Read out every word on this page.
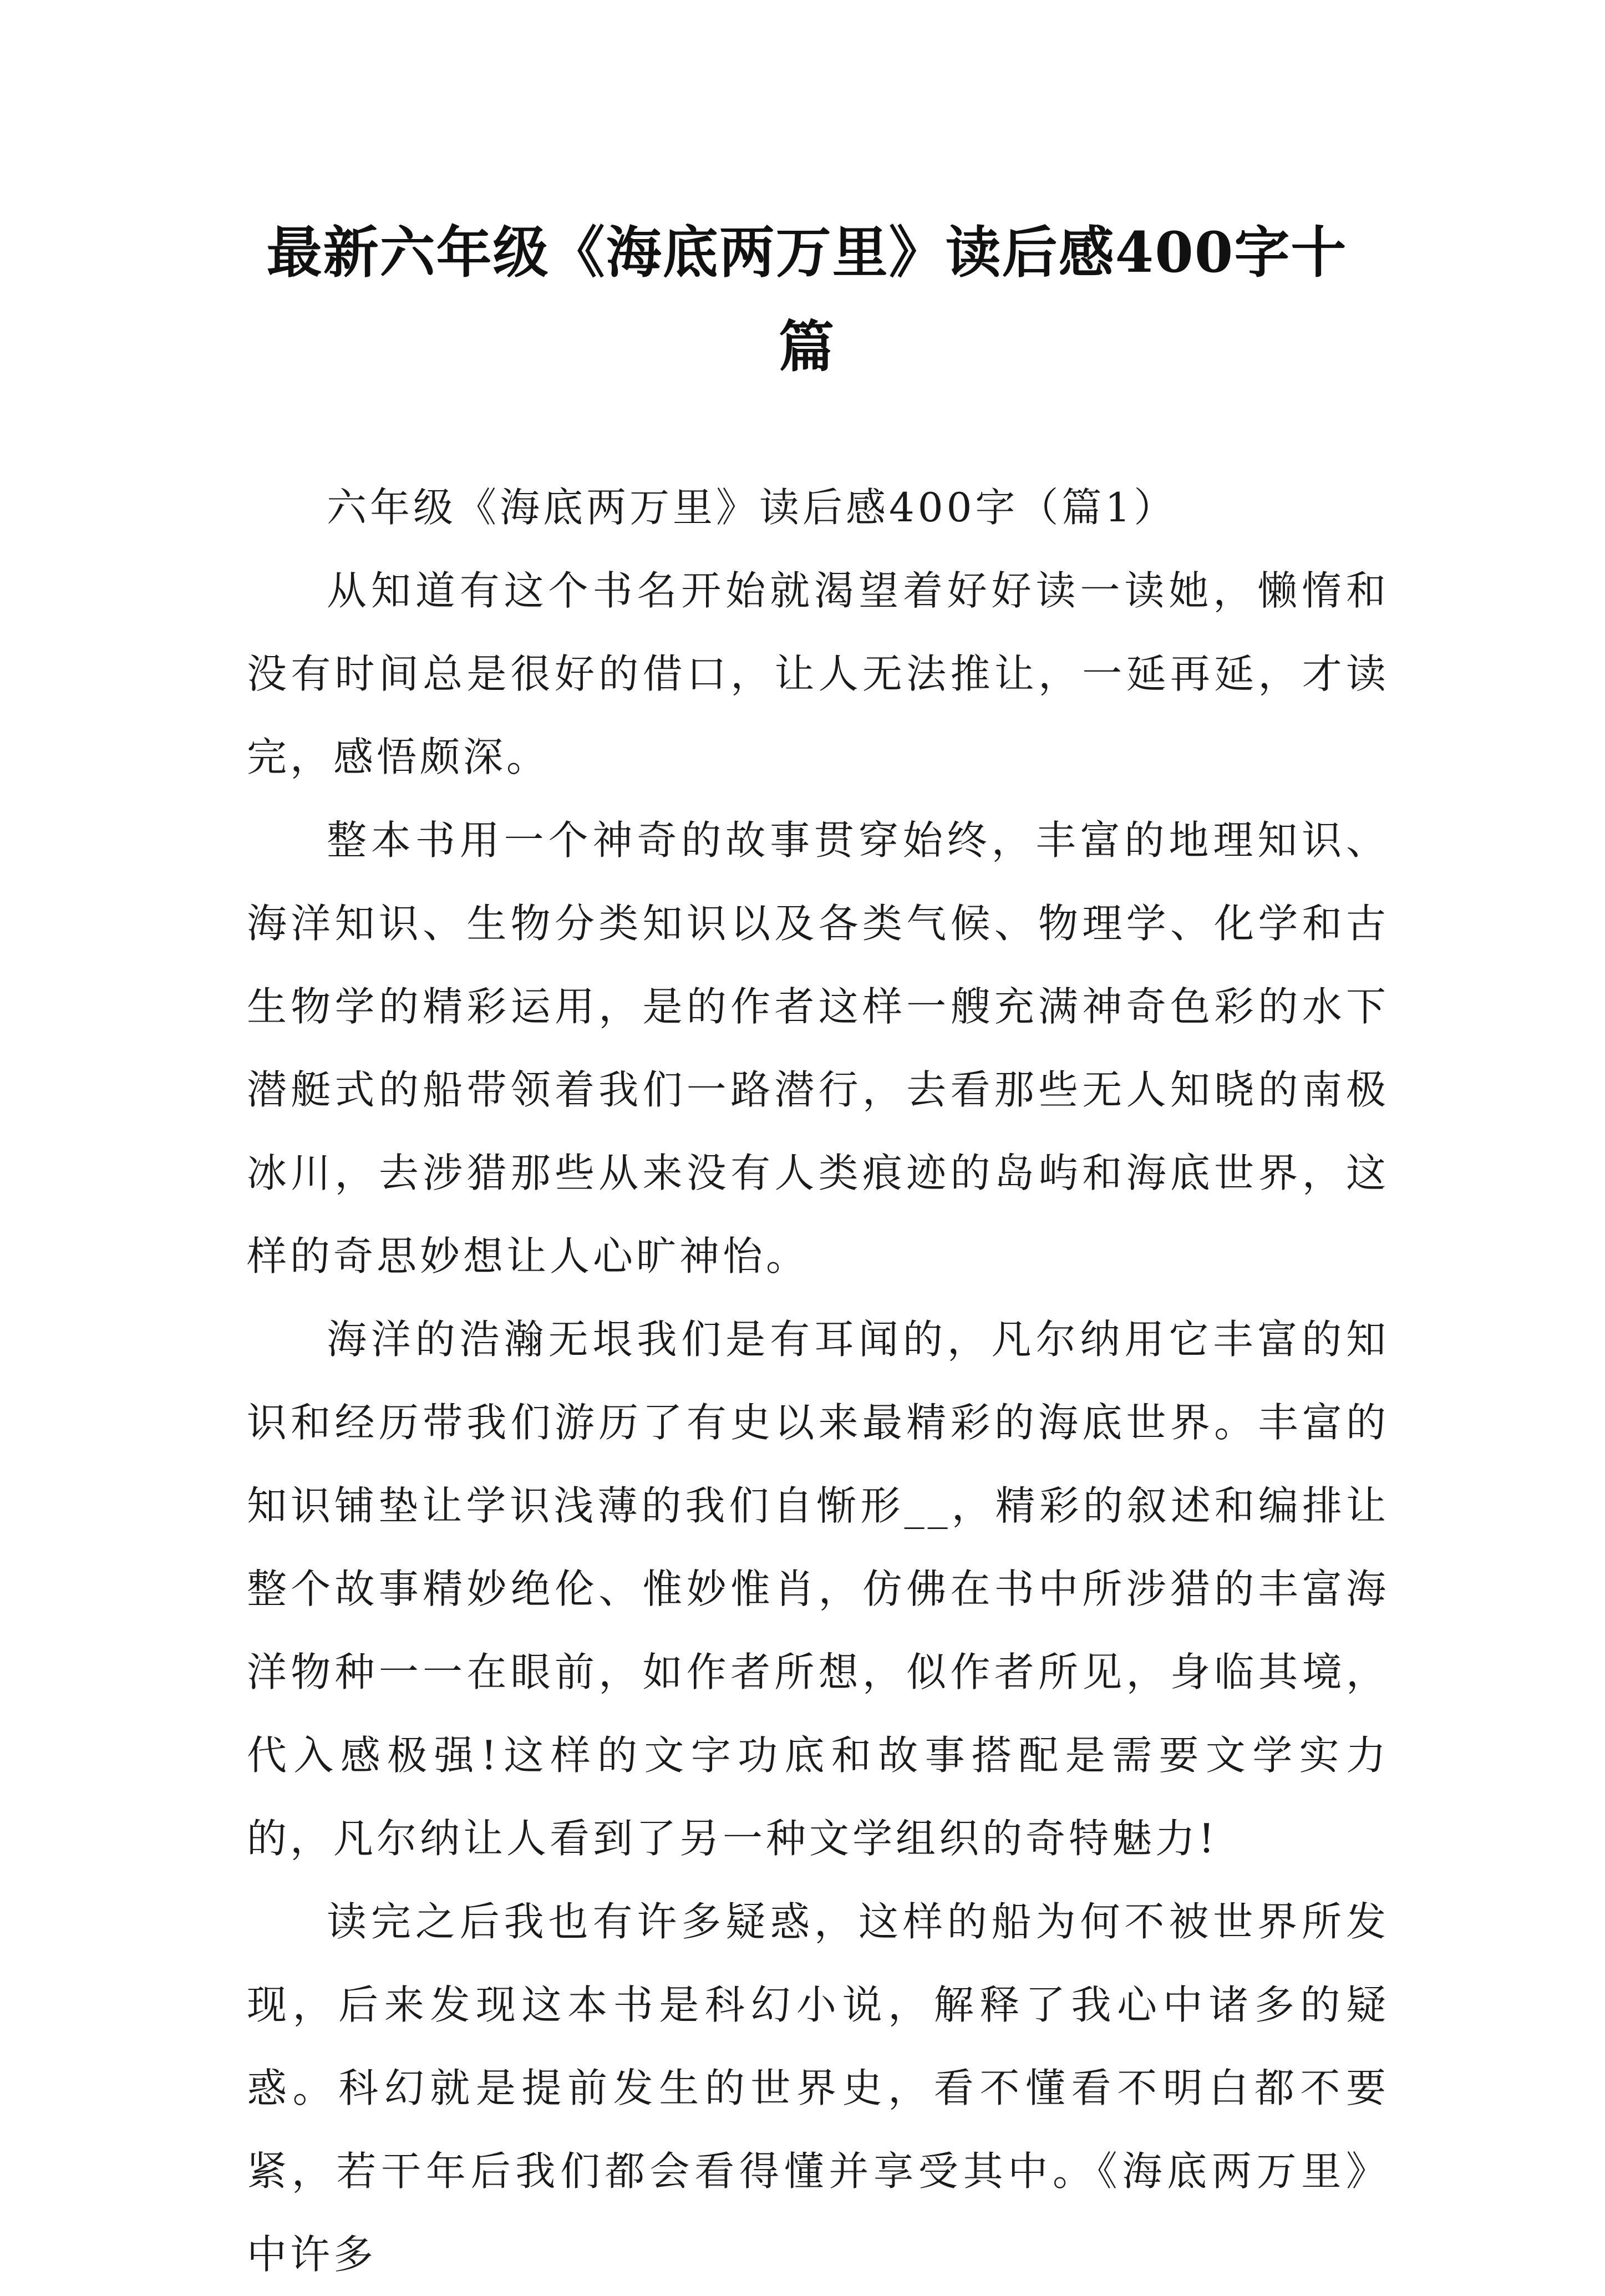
最新六年级《海底两万里》读后感400字十篇

六年级《海底两万里》读后感400字（篇1）

从知道有这个书名开始就渴望着好好读一读她，懒惰和没有时间总是很好的借口，让人无法推让，一延再延，才读完，感悟颇深。

整本书用一个神奇的故事贯穿始终，丰富的地理知识、海洋知识、生物分类知识以及各类气候、物理学、化学和古生物学的精彩运用，是的作者这样一艘充满神奇色彩的水下潜艇式的船带领着我们一路潜行，去看那些无人知晓的南极冰川，去涉猎那些从来没有人类痕迹的岛屿和海底世界，这样的奇思妙想让人心旷神怡。

海洋的浩瀚无垠我们是有耳闻的，凡尔纳用它丰富的知识和经历带我们游历了有史以来最精彩的海底世界。丰富的知识铺垫让学识浅薄的我们自惭形__，精彩的叙述和编排让整个故事精妙绝伦、惟妙惟肖，仿佛在书中所涉猎的丰富海洋物种一一在眼前，如作者所想，似作者所见，身临其境，代入感极强!这样的文字功底和故事搭配是需要文学实力的，凡尔纳让人看到了另一种文学组织的奇特魅力!

读完之后我也有许多疑惑，这样的船为何不被世界所发现，后来发现这本书是科幻小说，解释了我心中诸多的疑惑。科幻就是提前发生的世界史，看不懂看不明白都不要紧，若干年后我们都会看得懂并享受其中。《海底两万里》中许多
